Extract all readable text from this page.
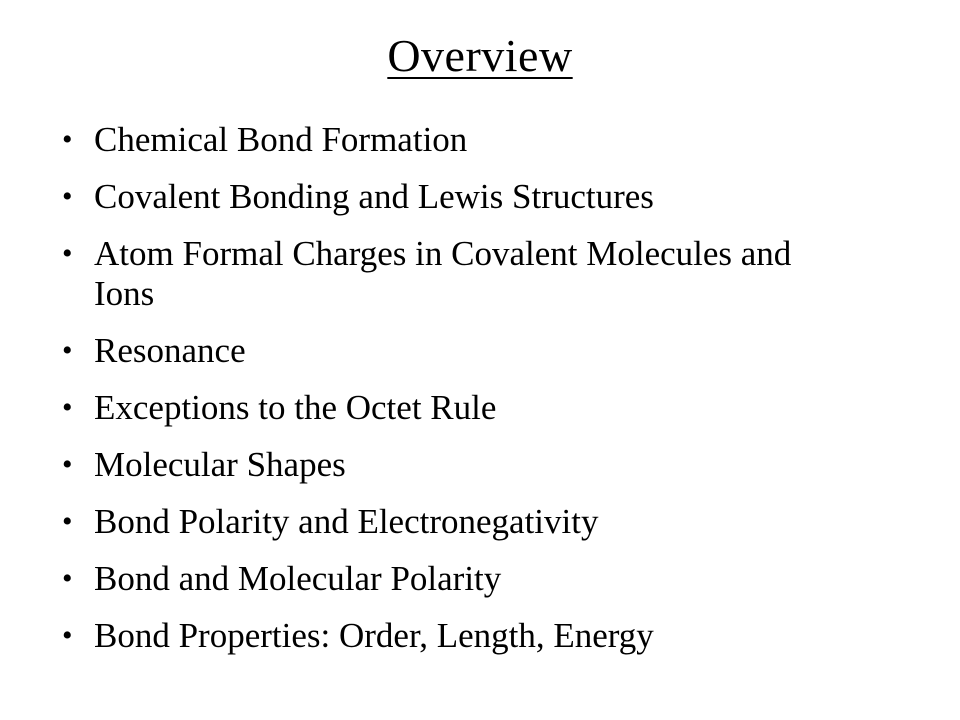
Overview
• Chemical Bond Formation
• Covalent Bonding and Lewis Structures
• Atom Formal Charges in Covalent Molecules and Ions
• Resonance
• Exceptions to the Octet Rule
• Molecular Shapes
• Bond Polarity and Electronegativity
• Bond and Molecular Polarity
• Bond Properties: Order, Length, Energy
